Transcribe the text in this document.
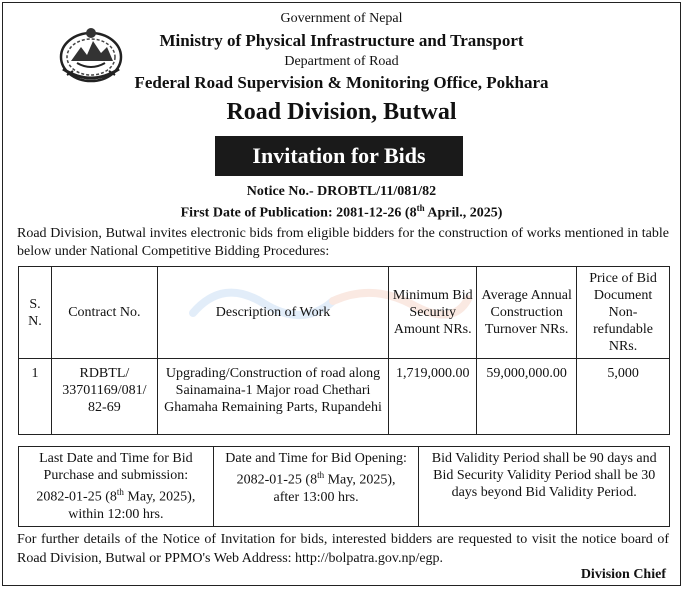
Government of Nepal
Ministry of Physical Infrastructure and Transport
Department of Road
Federal Road Supervision & Monitoring Office, Pokhara
Road Division, Butwal
Invitation for Bids
Notice No.- DROBTL/11/081/82
First Date of Publication: 2081-12-26 (8th April., 2025)
Road Division, Butwal invites electronic bids from eligible bidders for the construction of works mentioned in table below under National Competitive Bidding Procedures:
S. N.	Contract No.	Description of Work	Minimum Bid Security Amount NRs.	Average Annual Construction Turnover NRs.	Price of Bid Document Non-refundable NRs.
1	RDBTL/ 33701169/081/ 82-69	Upgrading/Construction of road along Sainamaina-1 Major road Chethari Ghamaha Remaining Parts, Rupandehi	1,719,000.00	59,000,000.00	5,000
Last Date and Time for Bid Purchase and submission:
2082-01-25 (8th May, 2025),
within 12:00 hrs.	Date and Time for Bid Opening:
2082-01-25 (8th May, 2025),
after 13:00 hrs.	Bid Validity Period shall be 90 days and Bid Security Validity Period shall be 30 days beyond Bid Validity Period.
For further details of the Notice of Invitation for bids, interested bidders are requested to visit the notice board of Road Division, Butwal or PPMO's Web Address: http://bolpatra.gov.np/egp.
Division Chief
